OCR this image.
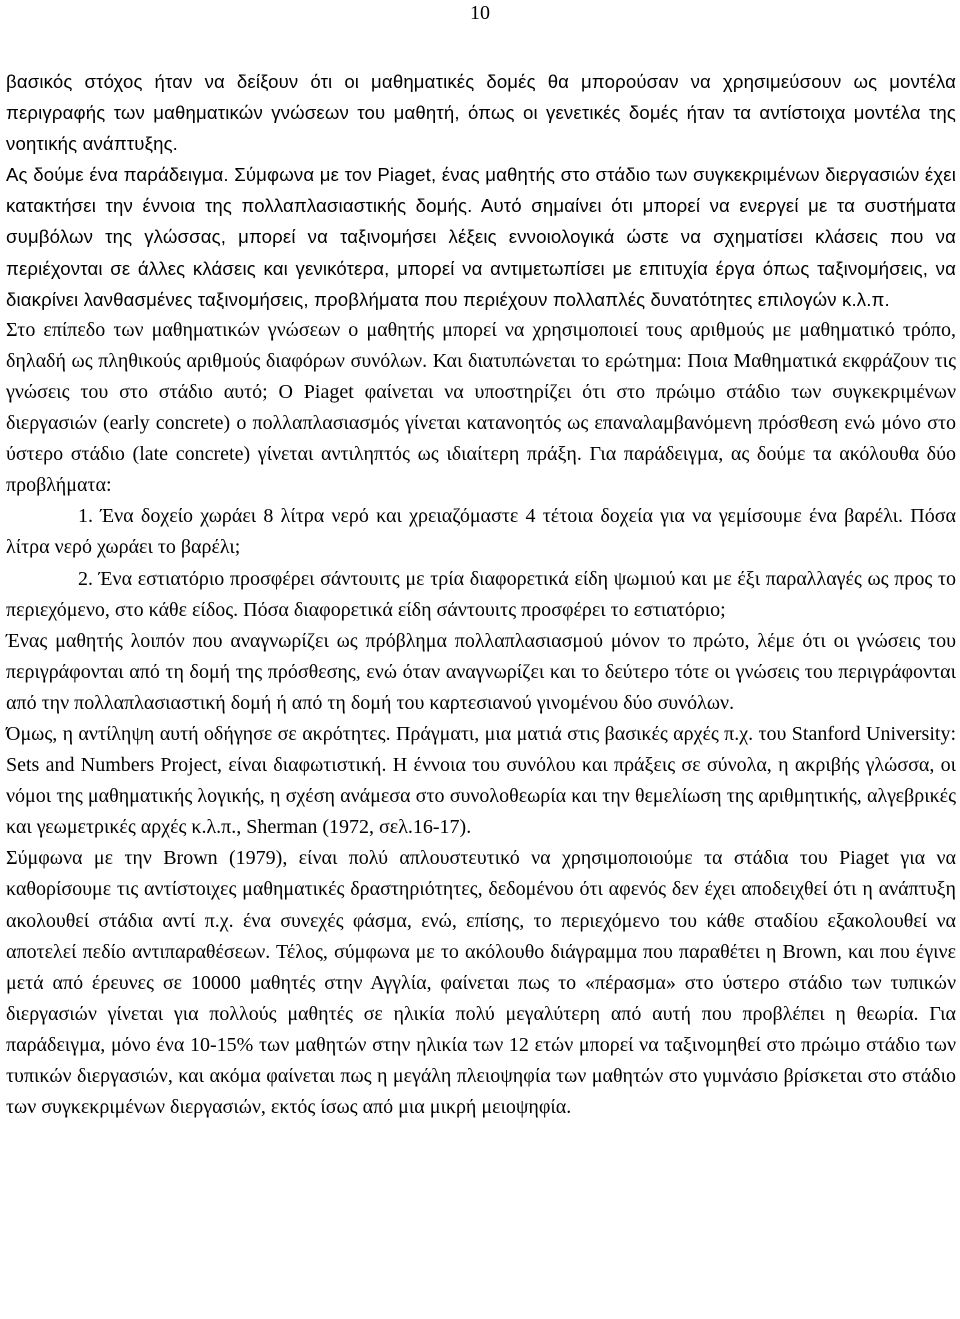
10

βασικός στόχος ήταν να δείξουν ότι οι μαθηματικές δομές θα μπορούσαν να χρησιμεύσουν ως μοντέλα περιγραφής των μαθηματικών γνώσεων του μαθητή, όπως οι γενετικές δομές ήταν τα αντίστοιχα μοντέλα της νοητικής ανάπτυξης.

Ας δούμε ένα παράδειγμα. Σύμφωνα με τον Piaget, ένας μαθητής στο στάδιο των συγκεκριμένων διεργασιών έχει κατακτήσει την έννοια της πολλαπλασιαστικής δομής. Αυτό σημαίνει ότι μπορεί να ενεργεί με τα συστήματα συμβόλων της γλώσσας, μπορεί να ταξινομήσει λέξεις εννοιολογικά ώστε να σχηματίσει κλάσεις που να περιέχονται σε άλλες κλάσεις και γενικότερα, μπορεί να αντιμετωπίσει με επιτυχία έργα όπως ταξινομήσεις, να διακρίνει λανθασμένες ταξινομήσεις, προβλήματα που περιέχουν πολλαπλές δυνατότητες επιλογών κ.λ.π.

Στο επίπεδο των μαθηματικών γνώσεων ο μαθητής μπορεί να χρησιμοποιεί τους αριθμούς με μαθηματικό τρόπο, δηλαδή ως πληθικούς αριθμούς διαφόρων συνόλων. Και διατυπώνεται το ερώτημα: Ποια Μαθηματικά εκφράζουν τις γνώσεις του στο στάδιο αυτό; Ο Piaget φαίνεται να υποστηρίζει ότι στο πρώιμο στάδιο των συγκεκριμένων διεργασιών (early concrete) ο πολλαπλασιασμός γίνεται κατανοητός ως επαναλαμβανόμενη πρόσθεση ενώ μόνο στο ύστερο στάδιο (late concrete) γίνεται αντιληπτός ως ιδιαίτερη πράξη. Για παράδειγμα, ας δούμε τα ακόλουθα δύο προβλήματα:

1. Ένα δοχείο χωράει 8 λίτρα νερό και χρειαζόμαστε 4 τέτοια δοχεία για να γεμίσουμε ένα βαρέλι. Πόσα λίτρα νερό χωράει το βαρέλι;

2. Ένα εστιατόριο προσφέρει σάντουιτς με τρία διαφορετικά είδη ψωμιού και με έξι παραλλαγές ως προς το περιεχόμενο, στο κάθε είδος. Πόσα διαφορετικά είδη σάντουιτς προσφέρει το εστιατόριο;

Ένας μαθητής λοιπόν που αναγνωρίζει ως πρόβλημα πολλαπλασιασμού μόνον το πρώτο, λέμε ότι οι γνώσεις του περιγράφονται από τη δομή της πρόσθεσης, ενώ όταν αναγνωρίζει και το δεύτερο τότε οι γνώσεις του περιγράφονται από την πολλαπλασιαστική δομή ή από τη δομή του καρτεσιανού γινομένου δύο συνόλων.

Όμως, η αντίληψη αυτή οδήγησε σε ακρότητες. Πράγματι, μια ματιά στις βασικές αρχές π.χ. του Stanford University: Sets and Numbers Project, είναι διαφωτιστική. Η έννοια του συνόλου και πράξεις σε σύνολα, η ακριβής γλώσσα, οι νόμοι της μαθηματικής λογικής, η σχέση ανάμεσα στο συνολοθεωρία και την θεμελίωση της αριθμητικής, αλγεβρικές και γεωμετρικές αρχές κ.λ.π., Sherman (1972, σελ.16-17).

Σύμφωνα με την Brown (1979), είναι πολύ απλουστευτικό να χρησιμοποιούμε τα στάδια του Piaget για να καθορίσουμε τις αντίστοιχες μαθηματικές δραστηριότητες, δεδομένου ότι αφενός δεν έχει αποδειχθεί ότι η ανάπτυξη ακολουθεί στάδια αντί π.χ. ένα συνεχές φάσμα, ενώ, επίσης, το περιεχόμενο του κάθε σταδίου εξακολουθεί να αποτελεί πεδίο αντιπαραθέσεων. Τέλος, σύμφωνα με το ακόλουθο διάγραμμα που παραθέτει η Brown, και που έγινε μετά από έρευνες σε 10000 μαθητές στην Αγγλία, φαίνεται πως το «πέρασμα» στο ύστερο στάδιο των τυπικών διεργασιών γίνεται για πολλούς μαθητές σε ηλικία πολύ μεγαλύτερη από αυτή που προβλέπει η θεωρία. Για παράδειγμα, μόνο ένα 10-15% των μαθητών στην ηλικία των 12 ετών μπορεί να ταξινομηθεί στο πρώιμο στάδιο των τυπικών διεργασιών, και ακόμα φαίνεται πως η μεγάλη πλειοψηφία των μαθητών στο γυμνάσιο βρίσκεται στο στάδιο των συγκεκριμένων διεργασιών, εκτός ίσως από μια μικρή μειοψηφία.
